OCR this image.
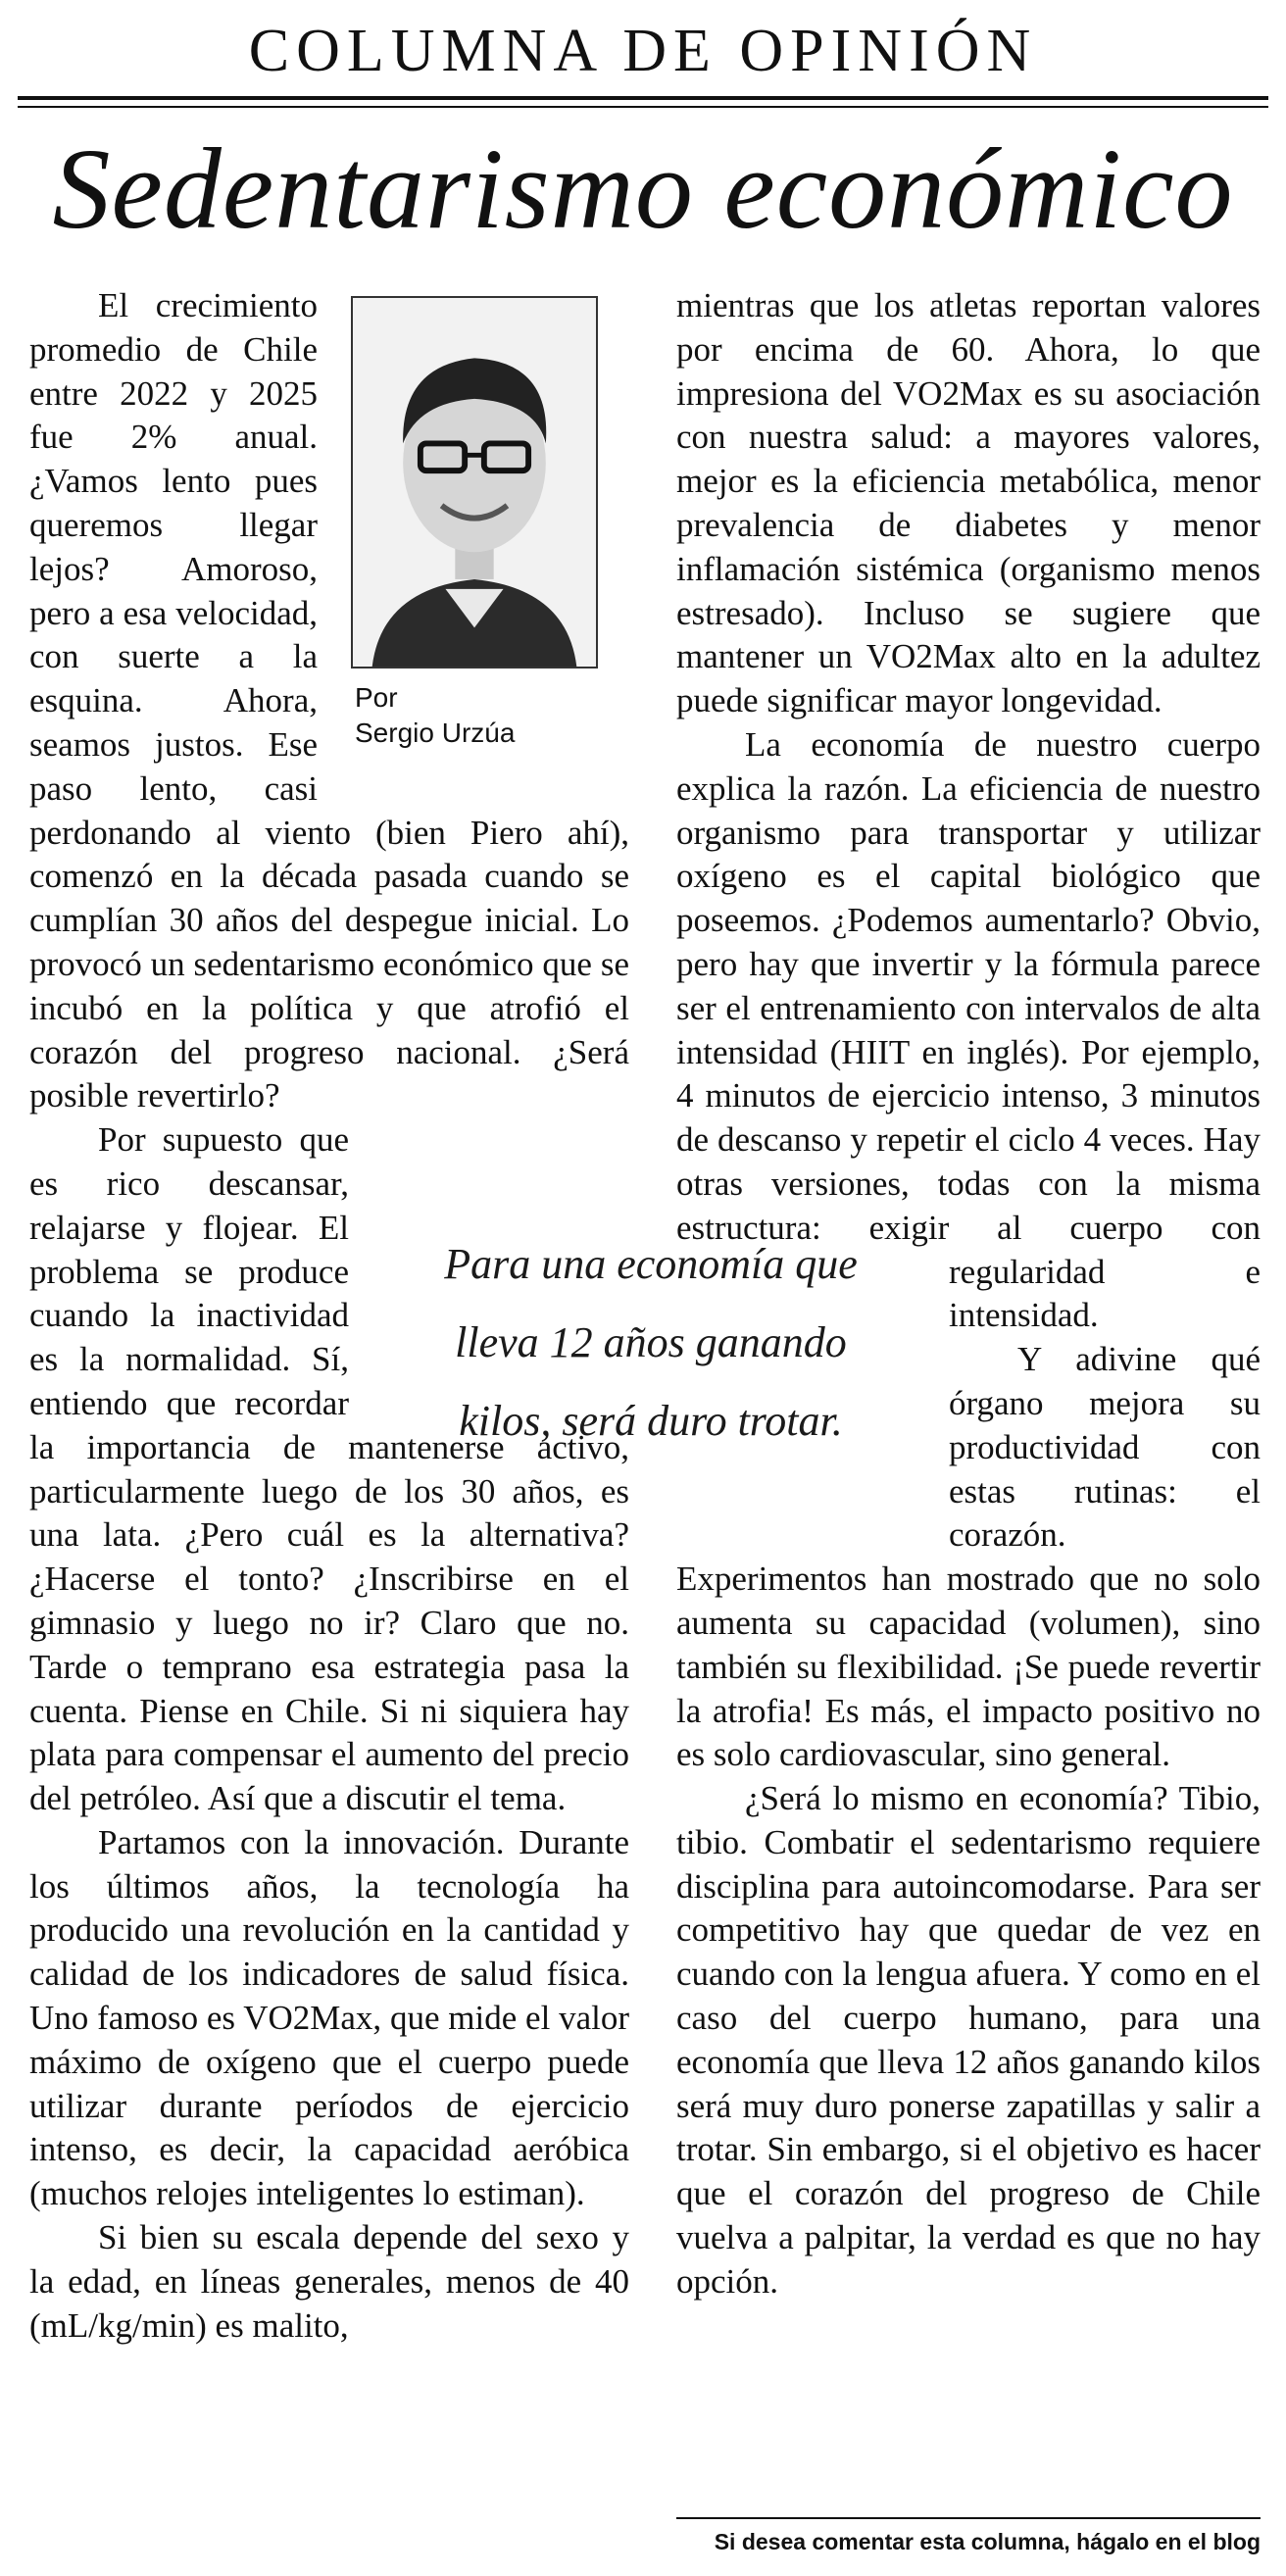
COLUMNA DE OPINIÓN
Sedentarismo económico
Por
Sergio Urzúa

El crecimiento promedio de Chile entre 2022 y 2025 fue 2% anual. ¿Vamos lento pues queremos llegar lejos? Amoroso, pero a esa velocidad, con suerte a la esquina. Ahora, seamos justos. Ese paso lento, casi perdonando al viento (bien Piero ahí), comenzó en la década pasada cuando se cumplían 30 años del despegue inicial. Lo provocó un sedentarismo económico que se incubó en la política y que atrofió el corazón del progreso nacional. ¿Será posible revertirlo?

Por supuesto que es rico descansar, relajarse y flojear. El problema se produce cuando la inactividad es la normalidad. Sí, entiendo que recordar la importancia de mantenerse activo, particularmente luego de los 30 años, es una lata. ¿Pero cuál es la alternativa? ¿Hacerse el tonto? ¿Inscribirse en el gimnasio y luego no ir? Claro que no. Tarde o temprano esa estrategia pasa la cuenta. Piense en Chile. Si ni siquiera hay plata para compensar el aumento del precio del petróleo. Así que a discutir el tema.

Partamos con la innovación. Durante los últimos años, la tecnología ha producido una revolución en la cantidad y calidad de los indicadores de salud física. Uno famoso es VO2Max, que mide el valor máximo de oxígeno que el cuerpo puede utilizar durante períodos de ejercicio intenso, es decir, la capacidad aeróbica (muchos relojes inteligentes lo estiman).

Si bien su escala depende del sexo y la edad, en líneas generales, menos de 40 (mL/kg/min) es malito,

mientras que los atletas reportan valores por encima de 60. Ahora, lo que impresiona del VO2Max es su asociación con nuestra salud: a mayores valores, mejor es la eficiencia metabólica, menor prevalencia de diabetes y menor inflamación sistémica (organismo menos estresado). Incluso se sugiere que mantener un VO2Max alto en la adultez puede significar mayor longevidad.

La economía de nuestro cuerpo explica la razón. La eficiencia de nuestro organismo para transportar y utilizar oxígeno es el capital biológico que poseemos. ¿Podemos aumentarlo? Obvio, pero hay que invertir y la fórmula parece ser el entrenamiento con intervalos de alta intensidad (HIIT en inglés). Por ejemplo, 4 minutos de ejercicio intenso, 3 minutos de descanso y repetir el ciclo 4 veces. Hay otras versiones, todas con la misma estructura: exigir al cuerpo con
regularidad e intensidad.

Y adivine qué órgano mejora su productividad con estas rutinas: el corazón. Experimentos han mostrado que no solo aumenta su capacidad (volumen), sino también su flexibilidad. ¡Se puede revertir la atrofia! Es más, el impacto positivo no es solo cardiovascular, sino general.

¿Será lo mismo en economía? Tibio, tibio. Combatir el sedentarismo requiere disciplina para autoincomodarse. Para ser competitivo hay que quedar de vez en cuando con la lengua afuera. Y como en el caso del cuerpo humano, para una economía que lleva 12 años ganando kilos será muy duro ponerse zapatillas y salir a trotar. Sin embargo, si el objetivo es hacer que el corazón del progreso de Chile vuelva a palpitar, la verdad es que no hay opción.

Para una economía que
lleva 12 años ganando
kilos, será duro trotar.
Si desea comentar esta columna, hágalo en el blog
